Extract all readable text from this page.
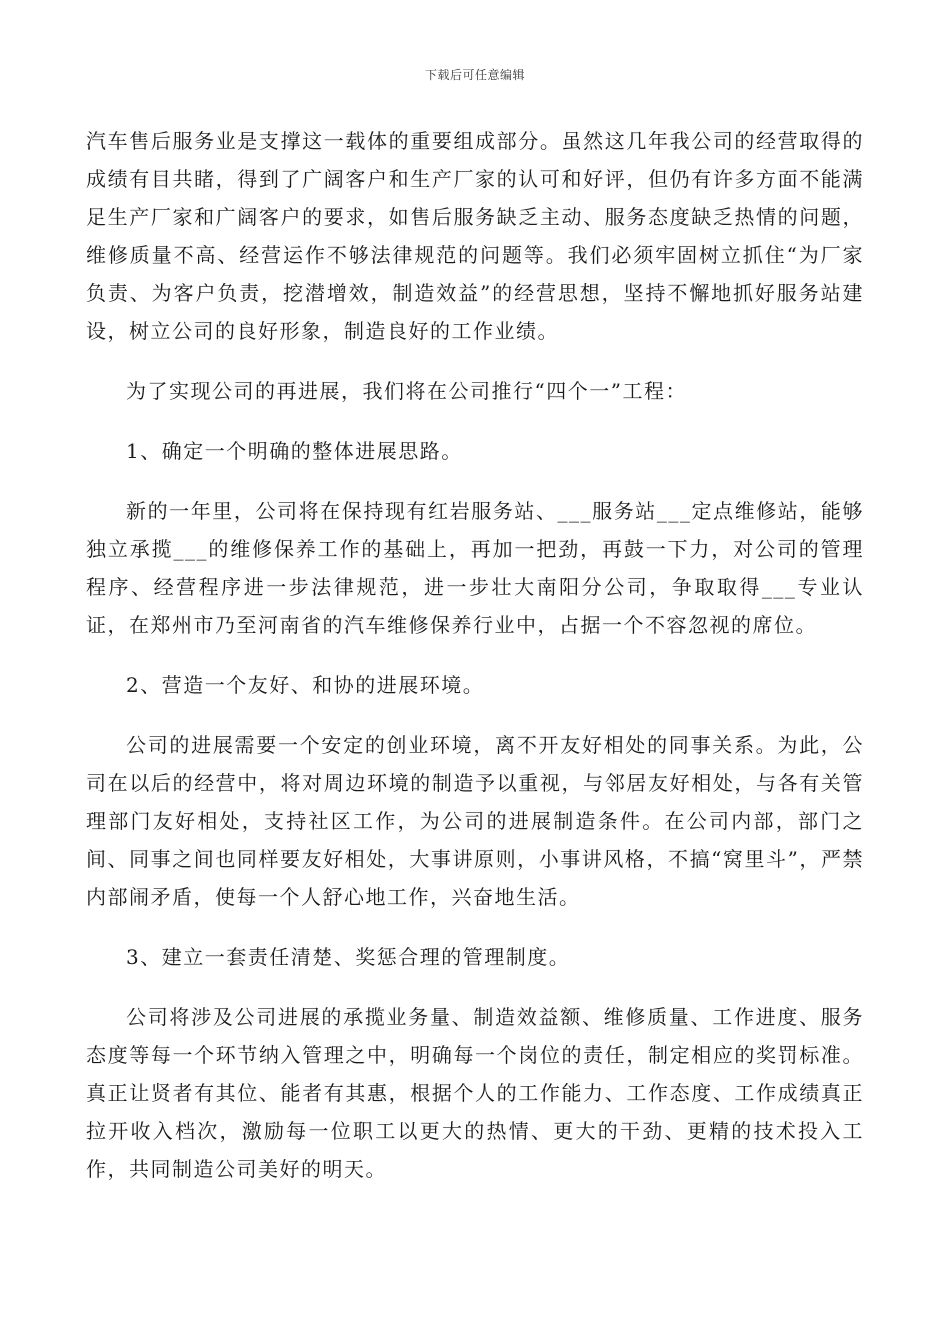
下载后可任意编辑

汽车售后服务业是支撑这一载体的重要组成部分。虽然这几年我公司的经营取得的成绩有目共睹，得到了广阔客户和生产厂家的认可和好评，但仍有许多方面不能满足生产厂家和广阔客户的要求，如售后服务缺乏主动、服务态度缺乏热情的问题，维修质量不高、经营运作不够法律规范的问题等。我们必须牢固树立抓住“为厂家负责、为客户负责，挖潜增效，制造效益”的经营思想，坚持不懈地抓好服务站建设，树立公司的良好形象，制造良好的工作业绩。

为了实现公司的再进展，我们将在公司推行“四个一”工程：

1、确定一个明确的整体进展思路。

新的一年里，公司将在保持现有红岩服务站、___服务站___定点维修站，能够独立承揽___的维修保养工作的基础上，再加一把劲，再鼓一下力，对公司的管理程序、经营程序进一步法律规范，进一步壮大南阳分公司，争取取得___专业认证，在郑州市乃至河南省的汽车维修保养行业中，占据一个不容忽视的席位。

2、营造一个友好、和协的进展环境。

公司的进展需要一个安定的创业环境，离不开友好相处的同事关系。为此，公司在以后的经营中，将对周边环境的制造予以重视，与邻居友好相处，与各有关管理部门友好相处，支持社区工作，为公司的进展制造条件。在公司内部，部门之间、同事之间也同样要友好相处，大事讲原则，小事讲风格，不搞“窝里斗”，严禁内部闹矛盾，使每一个人舒心地工作，兴奋地生活。

3、建立一套责任清楚、奖惩合理的管理制度。

公司将涉及公司进展的承揽业务量、制造效益额、维修质量、工作进度、服务态度等每一个环节纳入管理之中，明确每一个岗位的责任，制定相应的奖罚标准。真正让贤者有其位、能者有其惠，根据个人的工作能力、工作态度、工作成绩真正拉开收入档次，激励每一位职工以更大的热情、更大的干劲、更精的技术投入工作，共同制造公司美好的明天。
